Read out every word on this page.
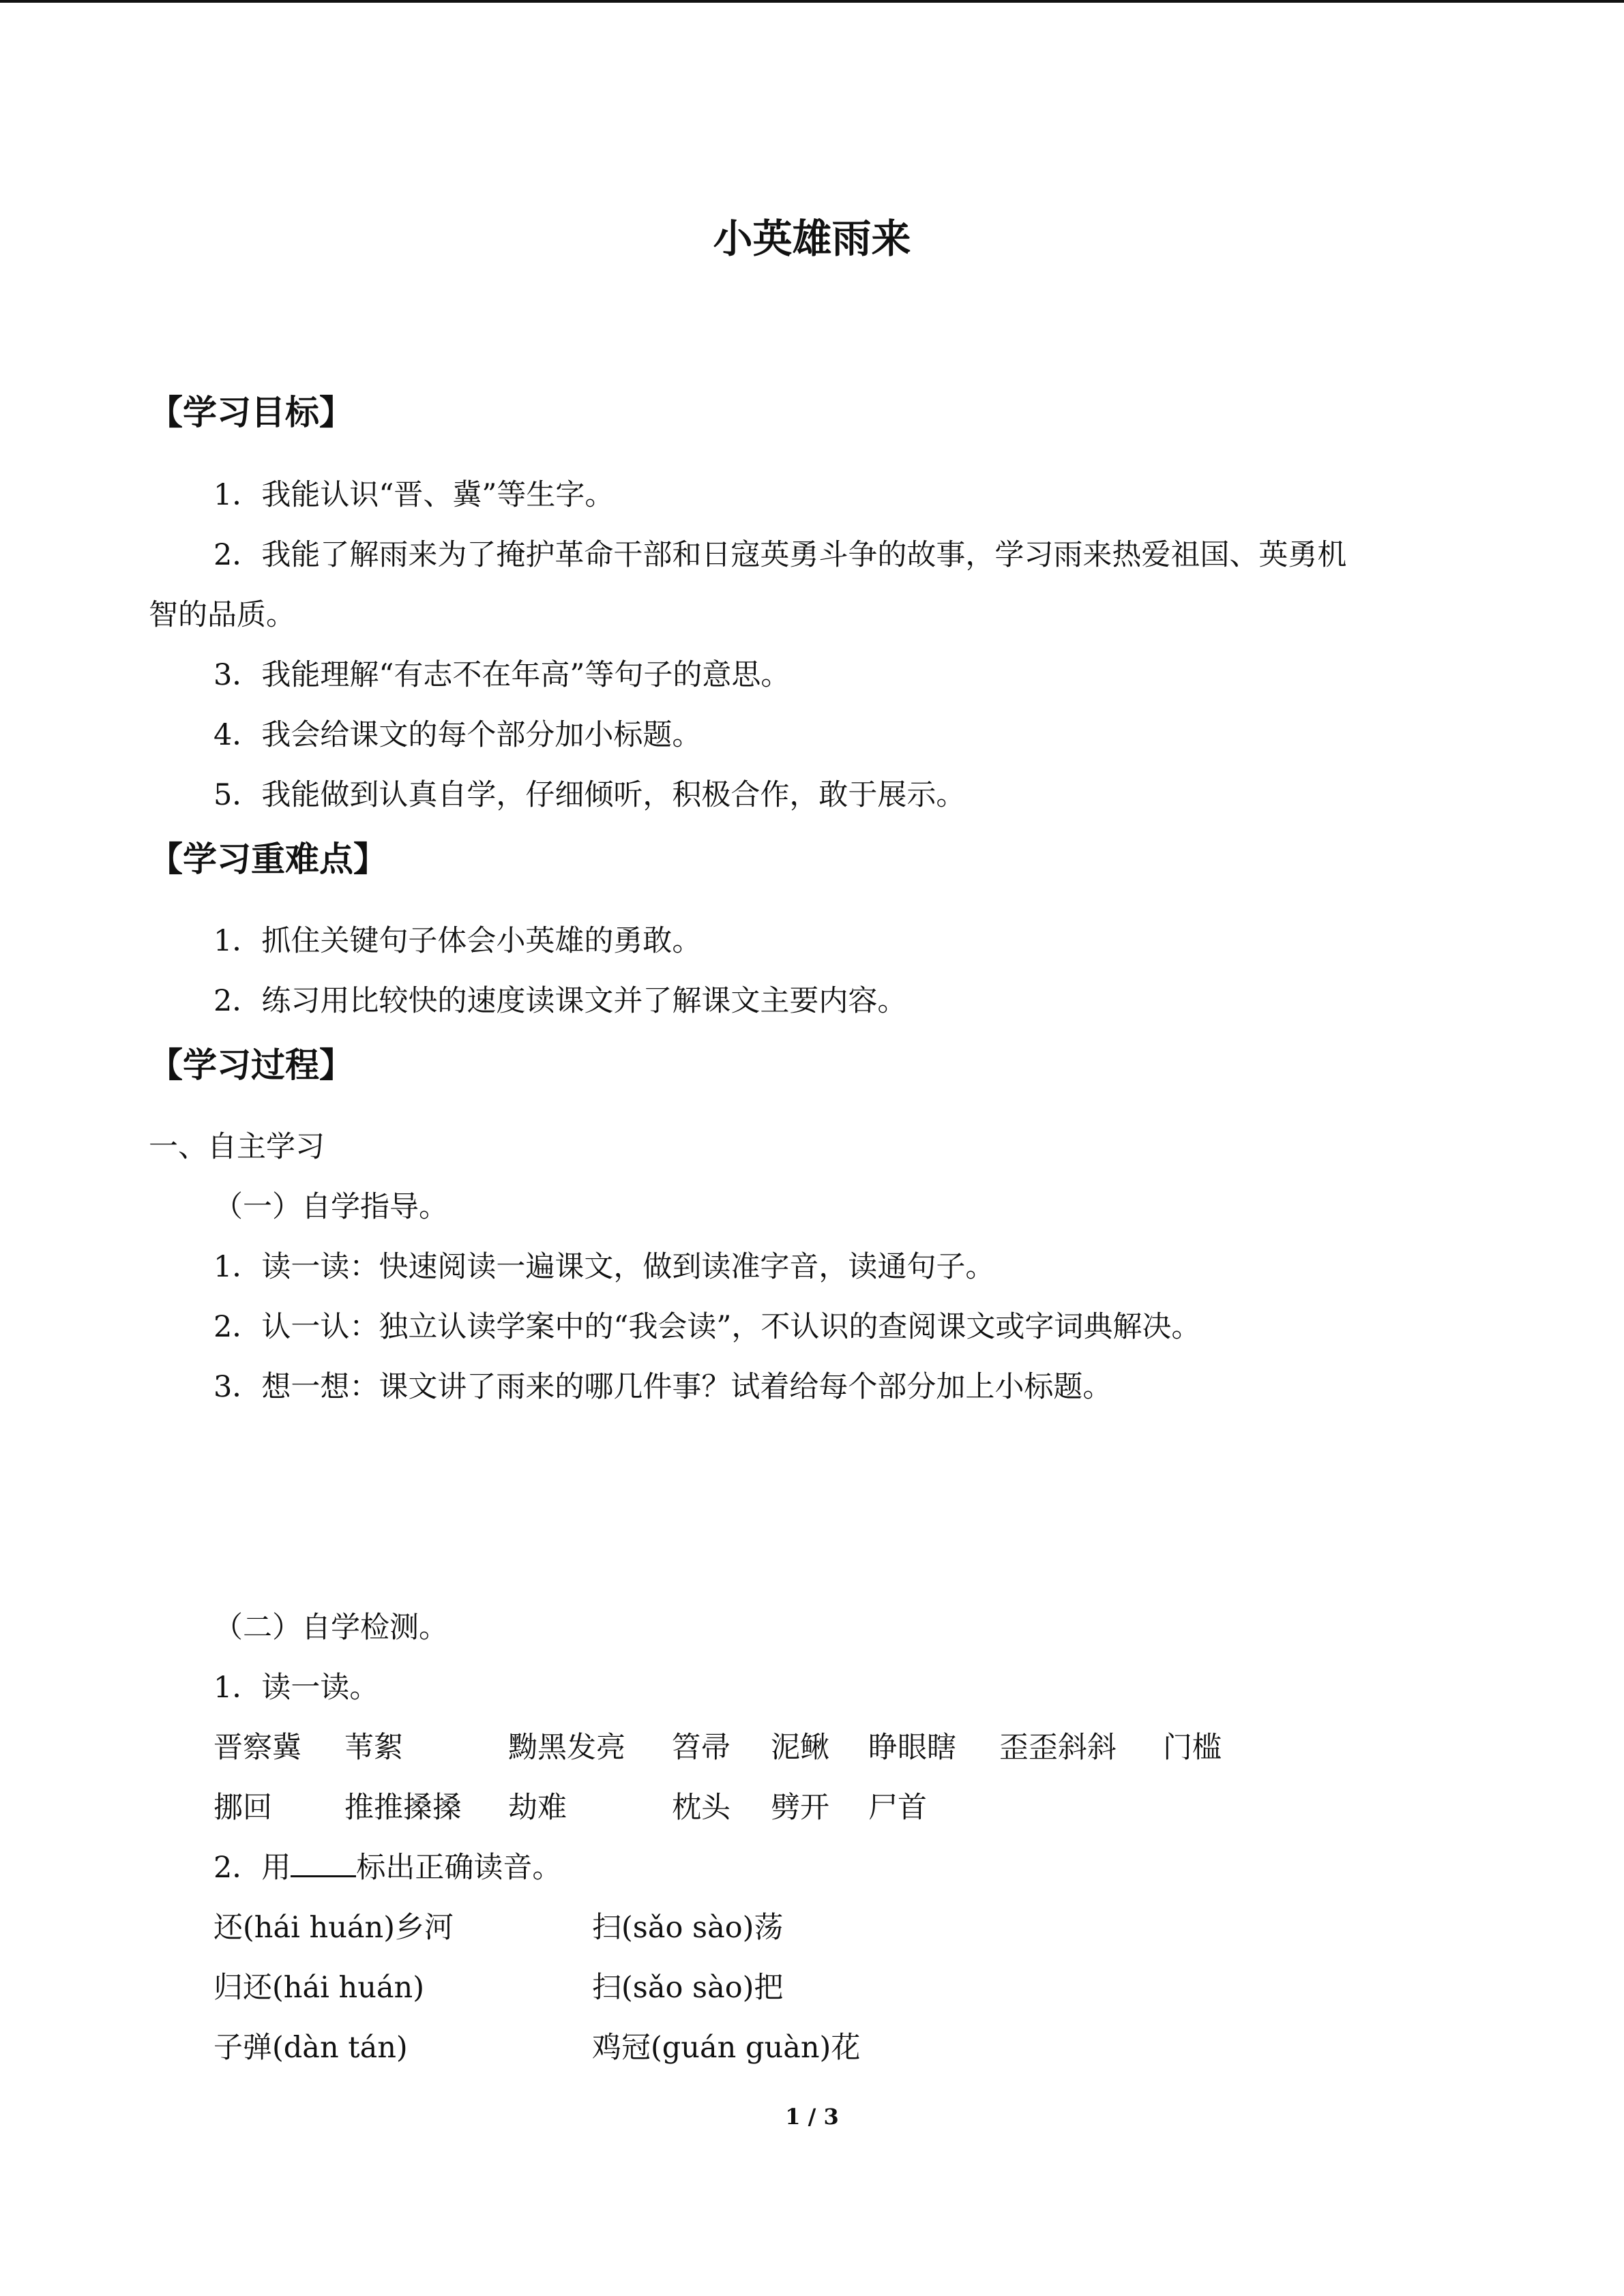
小英雄雨来
【学习目标】
1．我能认识“晋、冀”等生字。
2．我能了解雨来为了掩护革命干部和日寇英勇斗争的故事，学习雨来热爱祖国、英勇机
智的品质。
3．我能理解“有志不在年高”等句子的意思。
4．我会给课文的每个部分加小标题。
5．我能做到认真自学，仔细倾听，积极合作，敢于展示。
【学习重难点】
1．抓住关键句子体会小英雄的勇敢。
2．练习用比较快的速度读课文并了解课文主要内容。
【学习过程】
一、自主学习
（一）自学指导。
1．读一读：快速阅读一遍课文，做到读准字音，读通句子。
2．认一认：独立认读学案中的“我会读”，不认识的查阅课文或字词典解决。
3．想一想：课文讲了雨来的哪几件事？试着给每个部分加上小标题。
（二）自学检测。
1．读一读。
晋察冀 苇絮	黝黑发亮 笤帚 泥鳅 睁眼瞎 歪歪斜斜 门槛
挪回 推推搡搡 劫难	枕头 劈开 尸首
2．用 标出正确读音。
还(hái huán)乡河	扫(sǎo sào)荡
归还(hái huán)	扫(sǎo sào)把
子弹(dàn tán)	鸡冠(guán guàn)花
1 / 3
